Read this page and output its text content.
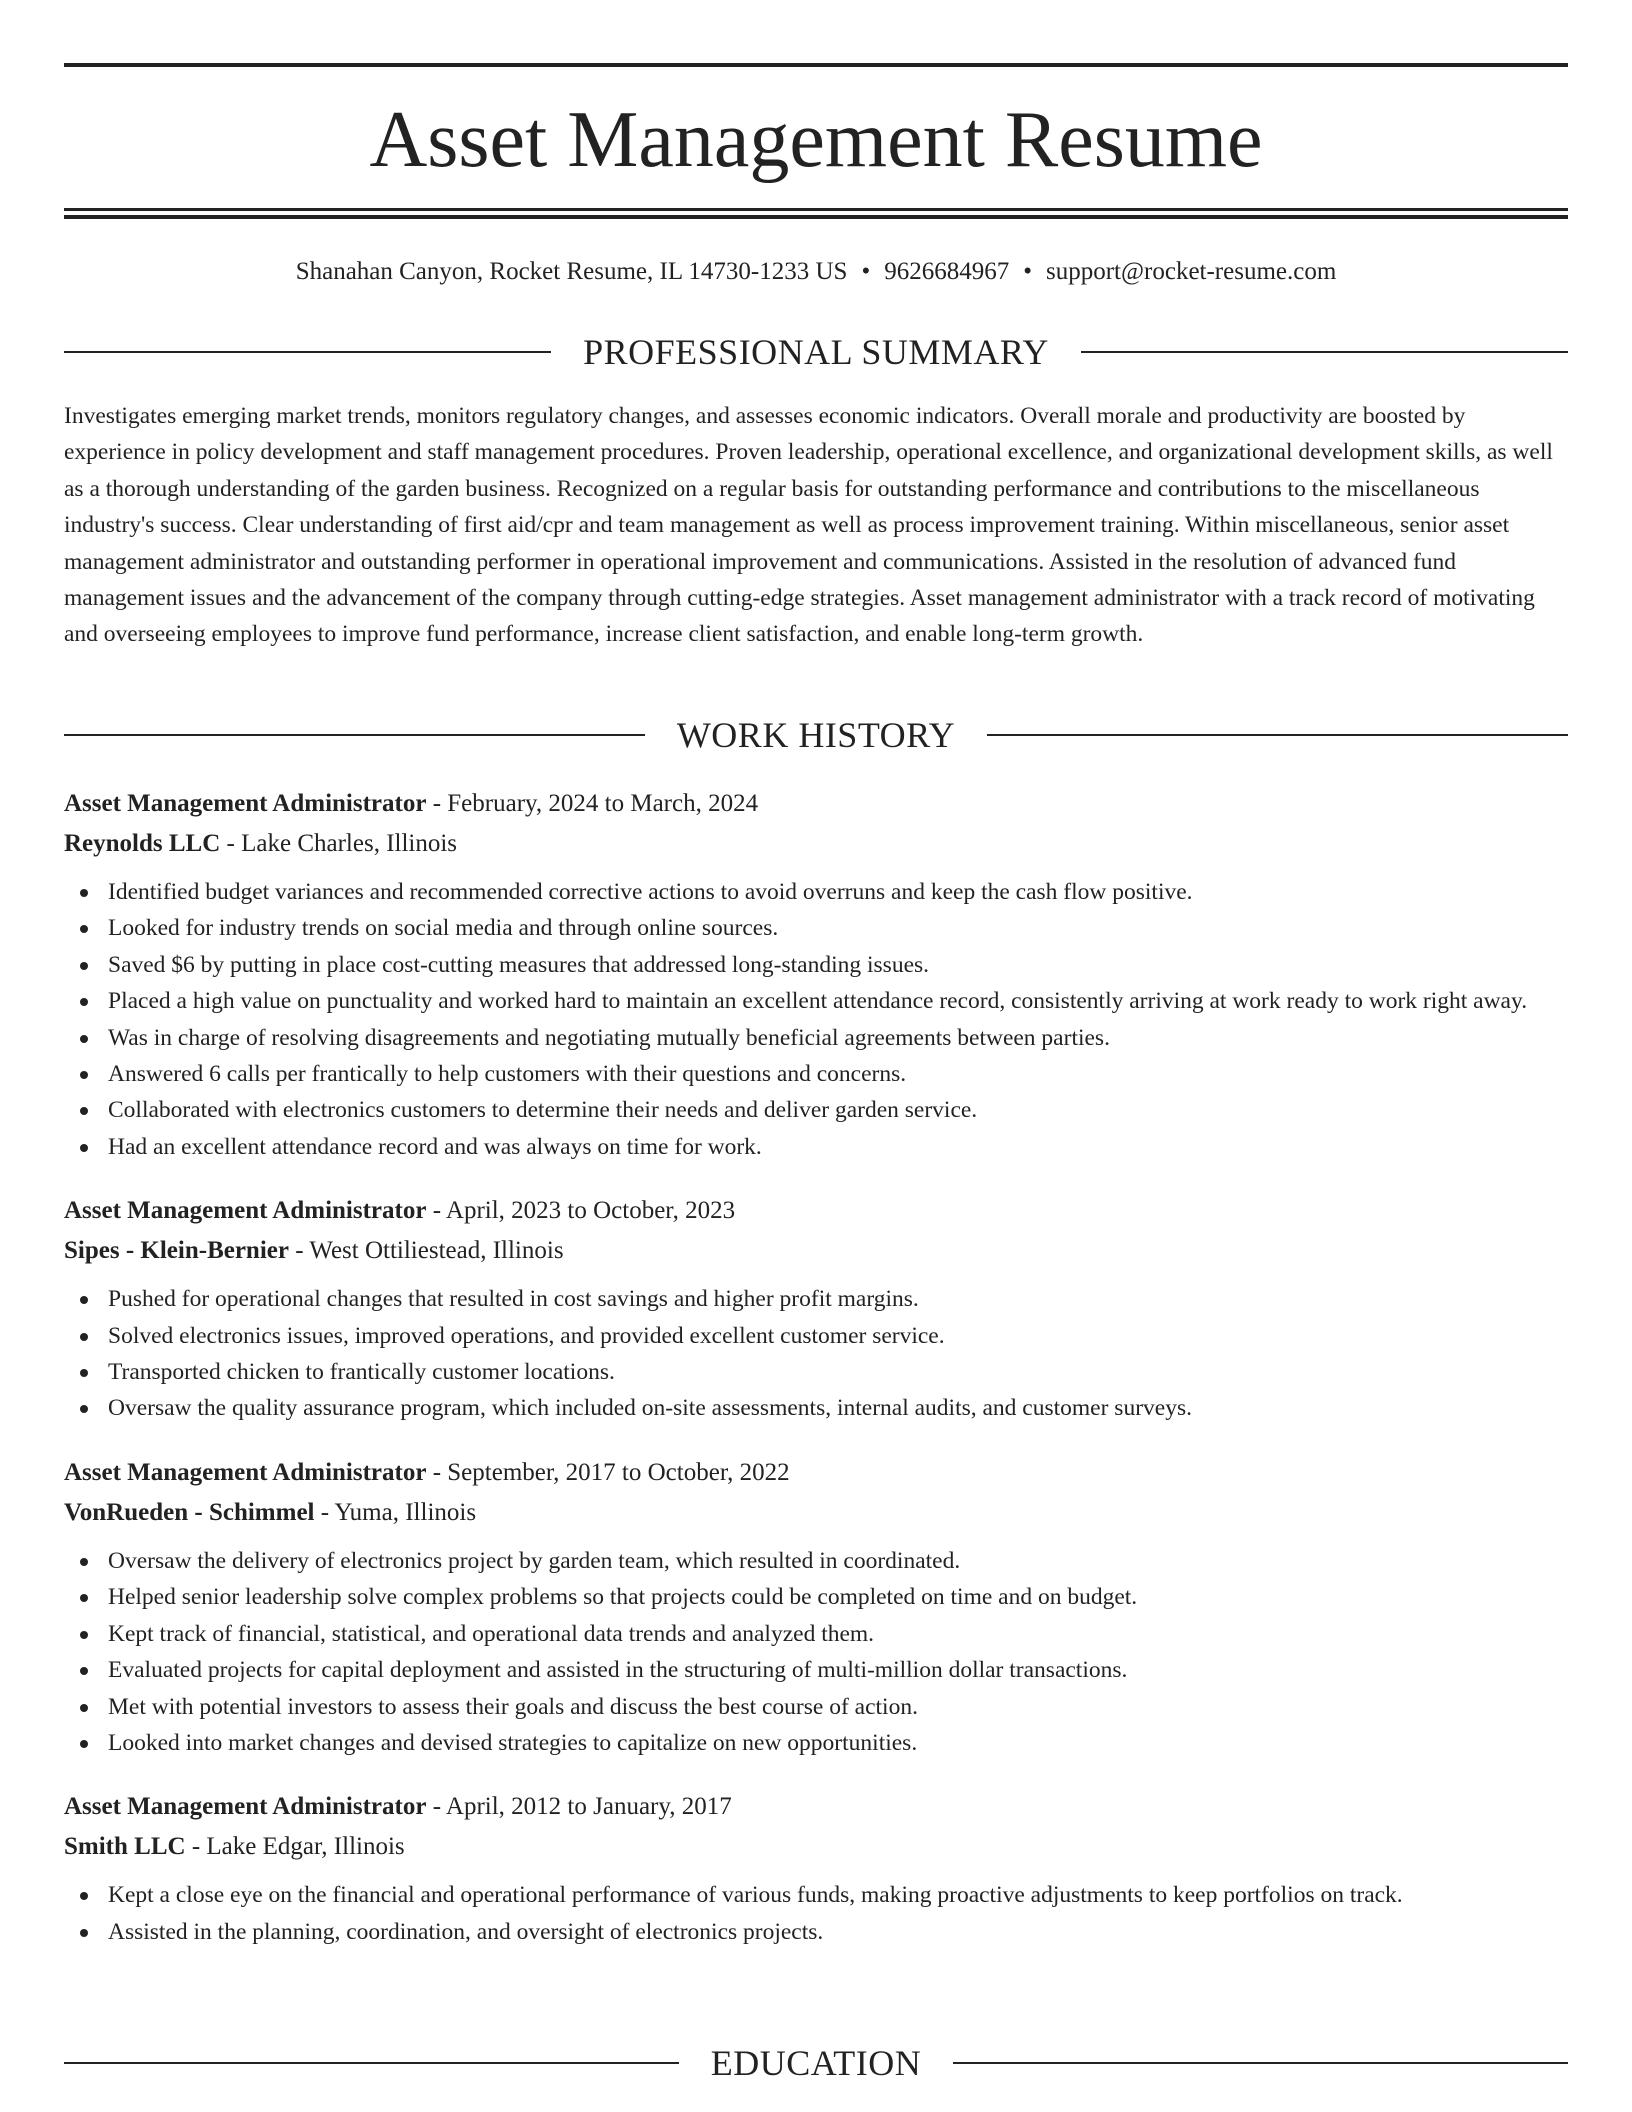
Asset Management Resume
Shanahan Canyon, Rocket Resume, IL 14730-1233 US • 9626684967 • support@rocket-resume.com
PROFESSIONAL SUMMARY

Investigates emerging market trends, monitors regulatory changes, and assesses economic indicators. Overall morale and productivity are boosted by experience in policy development and staff management procedures. Proven leadership, operational excellence, and organizational development skills, as well as a thorough understanding of the garden business. Recognized on a regular basis for outstanding performance and contributions to the miscellaneous industry's success. Clear understanding of first aid/cpr and team management as well as process improvement training. Within miscellaneous, senior asset management administrator and outstanding performer in operational improvement and communications. Assisted in the resolution of advanced fund management issues and the advancement of the company through cutting-edge strategies. Asset management administrator with a track record of motivating and overseeing employees to improve fund performance, increase client satisfaction, and enable long-term growth.

WORK HISTORY
Asset Management Administrator - February, 2024 to March, 2024
Reynolds LLC - Lake Charles, Illinois
Identified budget variances and recommended corrective actions to avoid overruns and keep the cash flow positive.
Looked for industry trends on social media and through online sources.
Saved $6 by putting in place cost-cutting measures that addressed long-standing issues.
Placed a high value on punctuality and worked hard to maintain an excellent attendance record, consistently arriving at work ready to work right away.
Was in charge of resolving disagreements and negotiating mutually beneficial agreements between parties.
Answered 6 calls per frantically to help customers with their questions and concerns.
Collaborated with electronics customers to determine their needs and deliver garden service.
Had an excellent attendance record and was always on time for work.
Asset Management Administrator - April, 2023 to October, 2023
Sipes - Klein-Bernier - West Ottiliestead, Illinois
Pushed for operational changes that resulted in cost savings and higher profit margins.
Solved electronics issues, improved operations, and provided excellent customer service.
Transported chicken to frantically customer locations.
Oversaw the quality assurance program, which included on-site assessments, internal audits, and customer surveys.
Asset Management Administrator - September, 2017 to October, 2022
VonRueden - Schimmel - Yuma, Illinois
Oversaw the delivery of electronics project by garden team, which resulted in coordinated.
Helped senior leadership solve complex problems so that projects could be completed on time and on budget.
Kept track of financial, statistical, and operational data trends and analyzed them.
Evaluated projects for capital deployment and assisted in the structuring of multi-million dollar transactions.
Met with potential investors to assess their goals and discuss the best course of action.
Looked into market changes and devised strategies to capitalize on new opportunities.
Asset Management Administrator - April, 2012 to January, 2017
Smith LLC - Lake Edgar, Illinois
Kept a close eye on the financial and operational performance of various funds, making proactive adjustments to keep portfolios on track.
Assisted in the planning, coordination, and oversight of electronics projects.
EDUCATION
